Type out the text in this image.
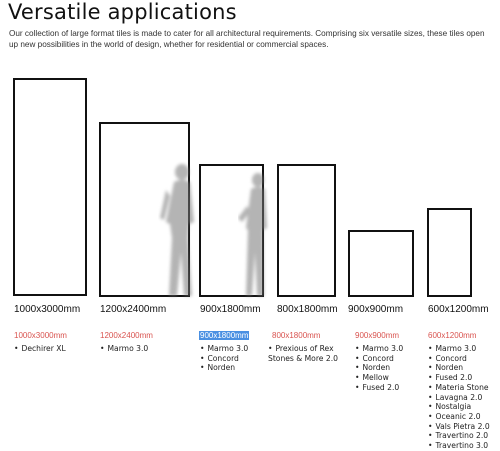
Versatile applications

Our collection of large format tiles is made to cater for all architectural requirements. Comprising six versatile sizes, these tiles open up new possibilities in the world of design, whether for residential or commercial spaces.

1000x3000mm 1200x2400mm	900x1800mm 800x1800mm 900x900mm 600x1200mm
1000x3000mm
• Dechirer XL
1200x2400mm
• Marmo 3.0
900x1800mm
• Marmo 3.0
• Concord
• Norden
800x1800mm
• Prexious of Rex
Stones & More 2.0
900x900mm
• Marmo 3.0
• Concord
• Norden
• Mellow
• Fused 2.0
600x1200mm
• Marmo 3.0
• Concord
• Norden
• Fused 2.0
• Materia Stone
• Lavagna 2.0
• Nostalgia
• Oceanic 2.0
• Vals Pietra 2.0
• Travertino 2.0
• Travertino 3.0
